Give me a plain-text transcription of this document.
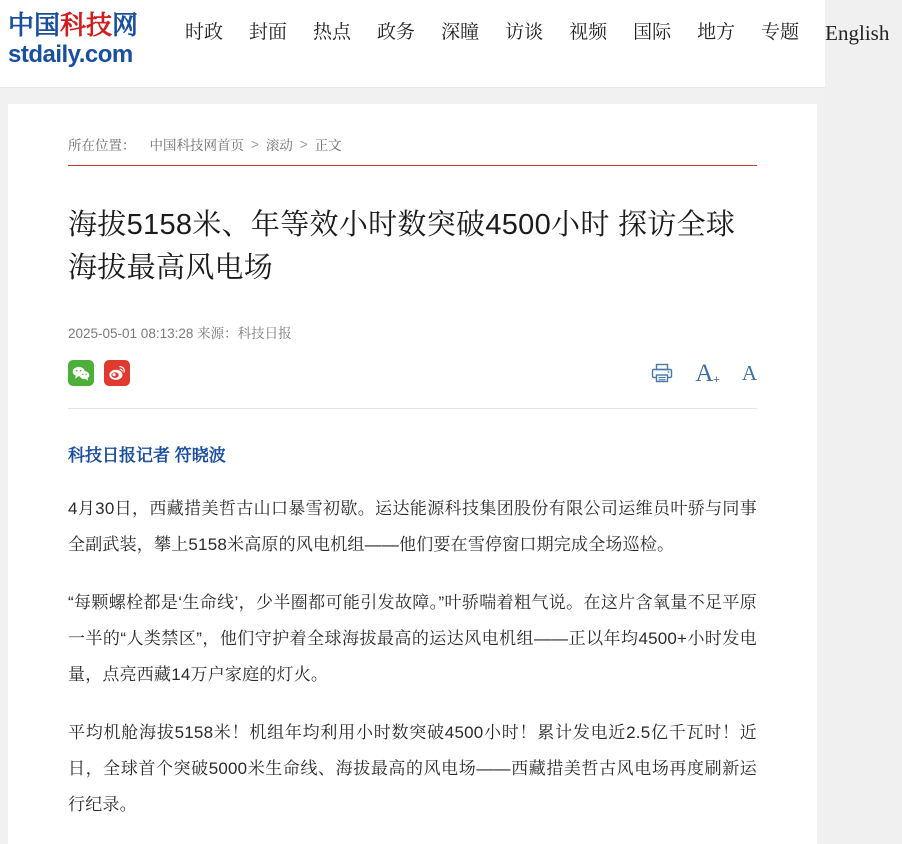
中国科技网
stdaily.com
时政	封面	热点	政务	深瞳	访谈	视频	国际	地方	专题	English
所在位置： 中国科技网首页 > 滚动 > 正文
海拔5158米、年等效小时数突破4500小时 探访全球海拔最高风电场
2025-05-01 08:13:28 来源：科技日报
A + A
科技日报记者 符晓波

4月30日，西藏措美哲古山口暴雪初歇。运达能源科技集团股份有限公司运维员叶骄与同事全副武装，攀上5158米高原的风电机组——他们要在雪停窗口期完成全场巡检。

“每颗螺栓都是‘生命线’，少半圈都可能引发故障。”叶骄喘着粗气说。在这片含氧量不足平原一半的“人类禁区”，他们守护着全球海拔最高的运达风电机组——正以年均4500+小时发电量，点亮西藏14万户家庭的灯火。

平均机舱海拔5158米！机组年均利用小时数突破4500小时！累计发电近2.5亿千瓦时！近日，全球首个突破5000米生命线、海拔最高的风电场——西藏措美哲古风电场再度刷新运行纪录。
